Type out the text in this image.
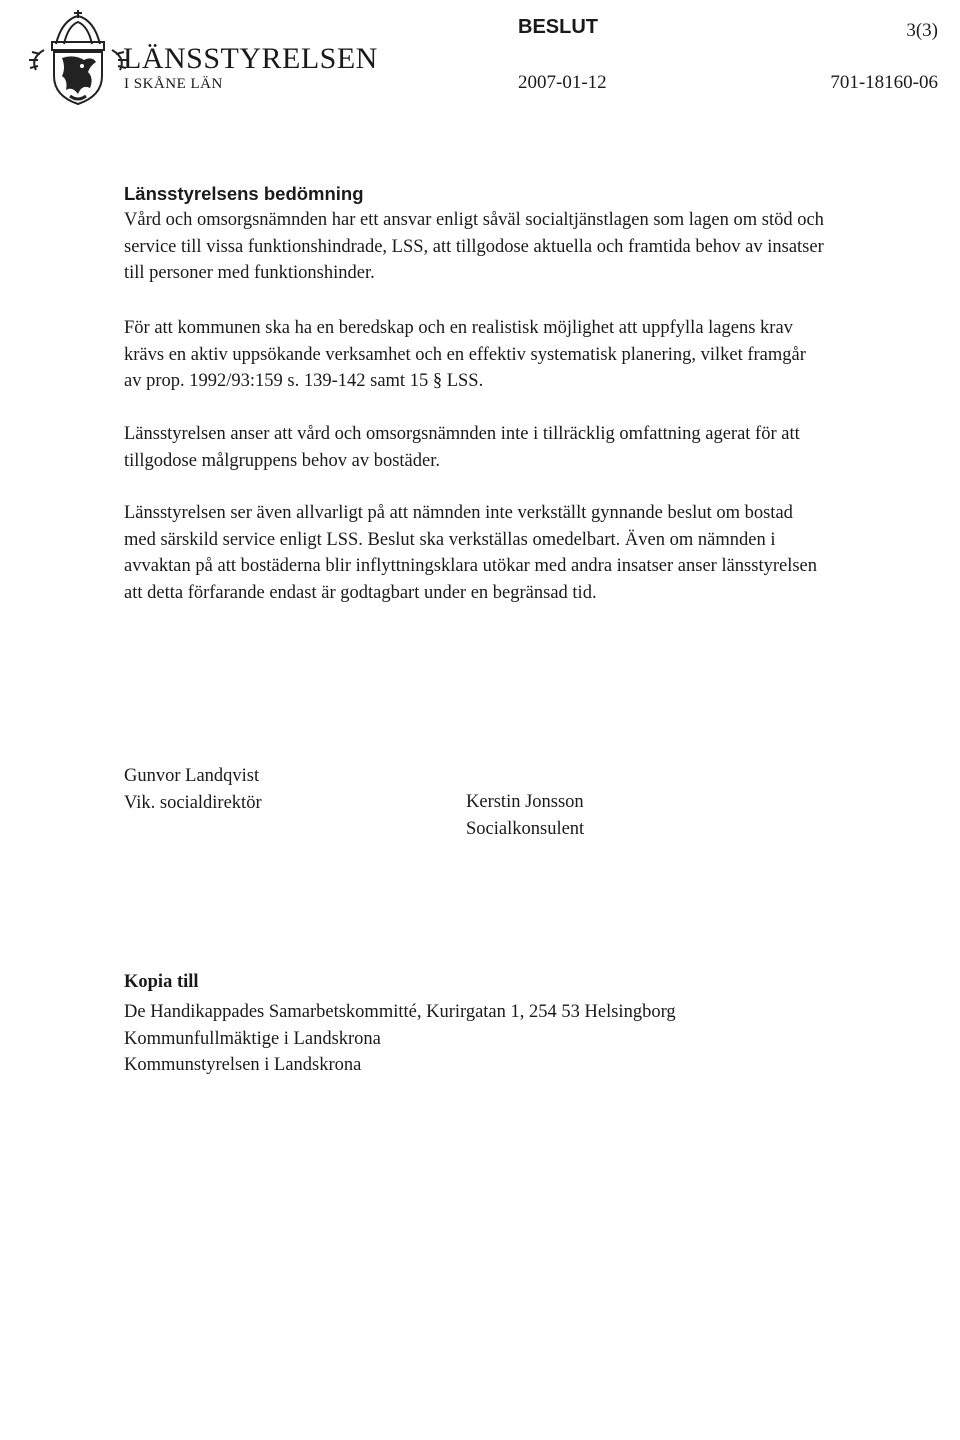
LÄNSSTYRELSEN
I SKÅNE LÄN
BESLUT	3(3)
2007-01-12	701-18160-06
Länsstyrelsens bedömning

Vård och omsorgsnämnden har ett ansvar enligt såväl socialtjänstlagen som lagen om stöd och service till vissa funktionshindrade, LSS, att tillgodose aktuella och framtida behov av insatser till personer med funktionshinder.

För att kommunen ska ha en beredskap och en realistisk möjlighet att uppfylla lagens krav krävs en aktiv uppsökande verksamhet och en effektiv systematisk planering, vilket framgår av prop. 1992/93:159 s. 139-142 samt 15 § LSS.

Länsstyrelsen anser att vård och omsorgsnämnden inte i tillräcklig omfattning agerat för att tillgodose målgruppens behov av bostäder.

Länsstyrelsen ser även allvarligt på att nämnden inte verkställt gynnande beslut om bostad med särskild service enligt LSS. Beslut ska verkställas omedelbart. Även om nämnden i avvaktan på att bostäderna blir inflyttningsklara utökar med andra insatser anser länsstyrelsen att detta förfarande endast är godtagbart under en begränsad tid.

Gunvor Landqvist
Vik. socialdirektör	Kerstin Jonsson
Socialkonsulent
Kopia till
De Handikappades Samarbetskommitté, Kurirgatan 1, 254 53 Helsingborg
Kommunfullmäktige i Landskrona
Kommunstyrelsen i Landskrona
